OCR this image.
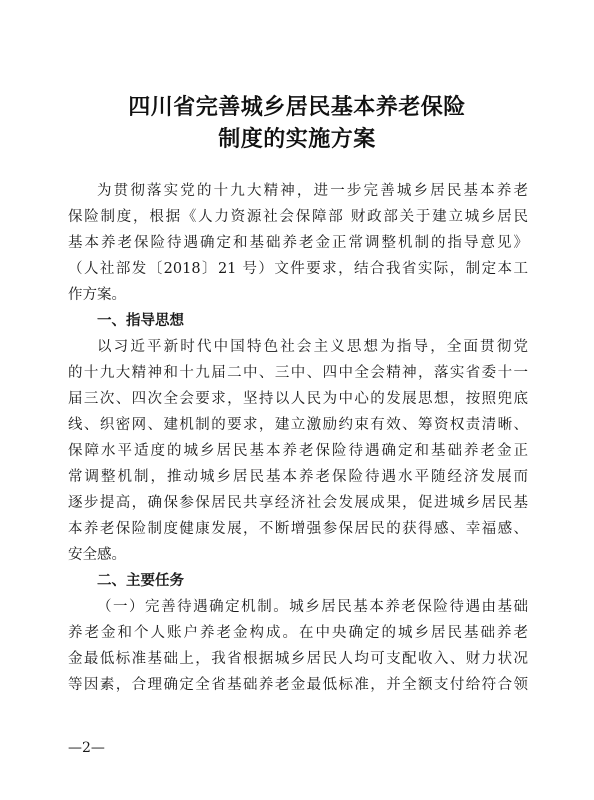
四川省完善城乡居民基本养老保险
制度的实施方案
为贯彻落实党的十九大精神，进一步完善城乡居民基本养老
保险制度，根据《人力资源社会保障部 财政部关于建立城乡居民
基本养老保险待遇确定和基础养老金正常调整机制的指导意见》
（人社部发〔2018〕21 号）文件要求，结合我省实际，制定本工
作方案。
一、指导思想
以习近平新时代中国特色社会主义思想为指导，全面贯彻党
的十九大精神和十九届二中、三中、四中全会精神，落实省委十一
届三次、四次全会要求，坚持以人民为中心的发展思想，按照兜底
线、织密网、建机制的要求，建立激励约束有效、筹资权责清晰、
保障水平适度的城乡居民基本养老保险待遇确定和基础养老金正
常调整机制，推动城乡居民基本养老保险待遇水平随经济发展而
逐步提高，确保参保居民共享经济社会发展成果，促进城乡居民基
本养老保险制度健康发展，不断增强参保居民的获得感、幸福感、
安全感。
二、主要任务
（一）完善待遇确定机制。城乡居民基本养老保险待遇由基础
养老金和个人账户养老金构成。在中央确定的城乡居民基础养老
金最低标准基础上，我省根据城乡居民人均可支配收入、财力状况
等因素，合理确定全省基础养老金最低标准，并全额支付给符合领
—2—
